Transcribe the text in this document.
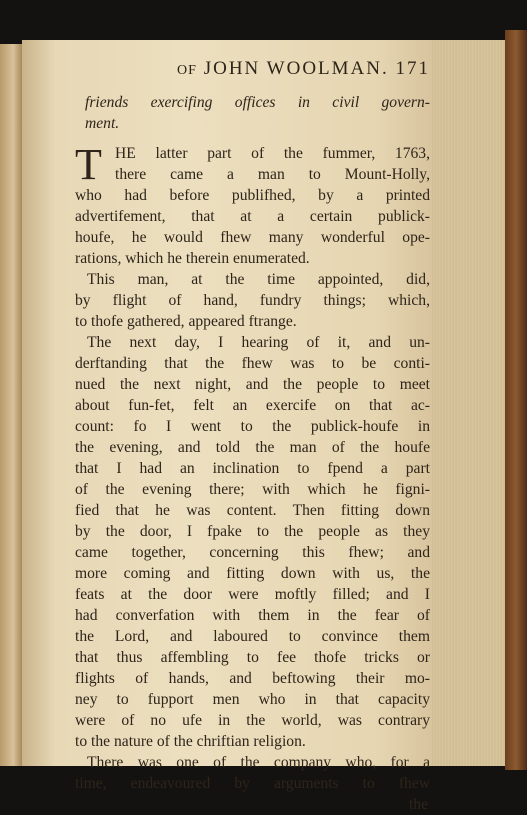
OF JOHN WOOLMAN. 171
friends exercifing offices in civil govern-
ment.
T HE latter part of the fummer, 1763,
there came a man to Mount-Holly,
who had before publifhed, by a printed
advertifement, that at a certain publick-
houfe, he would fhew many wonderful ope-
rations, which he therein enumerated.
This man, at the time appointed, did,
by flight of hand, fundry things; which,
to thofe gathered, appeared ftrange.
The next day, I hearing of it, and un-
derftanding that the fhew was to be conti-
nued the next night, and the people to meet
about fun-fet, felt an exercife on that ac-
count: fo I went to the publick-houfe in
the evening, and told the man of the houfe
that I had an inclination to fpend a part
of the evening there; with which he figni-
fied that he was content. Then fitting down
by the door, I fpake to the people as they
came together, concerning this fhew; and
more coming and fitting down with us, the
feats at the door were moftly filled; and I
had converfation with them in the fear of
the Lord, and laboured to convince them
that thus affembling to fee thofe tricks or
flights of hands, and beftowing their mo-
ney to fupport men who in that capacity
were of no ufe in the world, was contrary
to the nature of the chriftian religion.
There was one of the company who, for a
time, endeavoured by arguments to fhew
the
